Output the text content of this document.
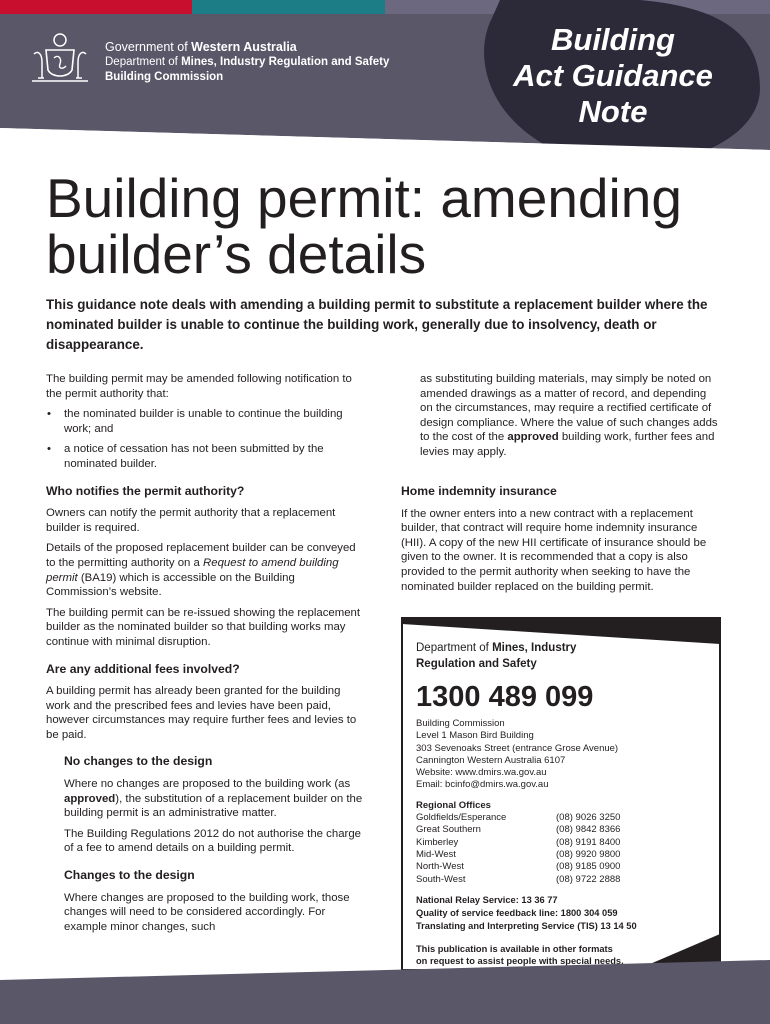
Government of Western Australia
Department of Mines, Industry Regulation and Safety
Building Commission
Building
Act Guidance
Note
Building permit: amending
builder’s details

This guidance note deals with amending a building permit to substitute a replacement builder where the nominated builder is unable to continue the building work, generally due to insolvency, death or disappearance.

The building permit may be amended following notification to the permit authority that:

• the nominated builder is unable to continue the building work; and
• a notice of cessation has not been submitted by the nominated builder.
Who notifies the permit authority?

Owners can notify the permit authority that a replacement builder is required.

Details of the proposed replacement builder can be conveyed to the permitting authority on a Request to amend building permit (BA19) which is accessible on the Building Commission’s website.

The building permit can be re-issued showing the replacement builder as the nominated builder so that building works may continue with minimal disruption.

Are any additional fees involved?

A building permit has already been granted for the building work and the prescribed fees and levies have been paid, however circumstances may require further fees and levies to be paid.

No changes to the design

Where no changes are proposed to the building work (as approved), the substitution of a replacement builder on the building permit is an administrative matter.

The Building Regulations 2012 do not authorise the charge of a fee to amend details on a building permit.

Changes to the design

Where changes are proposed to the building work, those changes will need to be considered accordingly. For example minor changes, such

as substituting building materials, may simply be noted on amended drawings as a matter of record, and depending on the circumstances, may require a rectified certificate of design compliance. Where the value of such changes adds to the cost of the approved building work, further fees and levies may apply.

Home indemnity insurance

If the owner enters into a new contract with a replacement builder, that contract will require home indemnity insurance (HII). A copy of the new HII certificate of insurance should be given to the owner. It is recommended that a copy is also provided to the permit authority when seeking to have the nominated builder replaced on the building permit.

Department of Mines, Industry
Regulation and Safety
1300 489 099
Building Commission
Level 1 Mason Bird Building
303 Sevenoaks Street (entrance Grose Avenue)
Cannington Western Australia 6107
Website: www.dmirs.wa.gov.au
Email: bcinfo@dmirs.wa.gov.au
Regional Offices
Goldfields/Esperance	(08) 9026 3250
Great Southern	(08) 9842 8366
Kimberley	(08) 9191 8400
Mid-West	(08) 9920 9800
North-West	(08) 9185 0900
South-West	(08) 9722 2888
National Relay Service: 13 36 77
Quality of service feedback line: 1800 304 059
Translating and Interpreting Service (TIS) 13 14 50
This publication is available in other formats
on request to assist people with special needs.
